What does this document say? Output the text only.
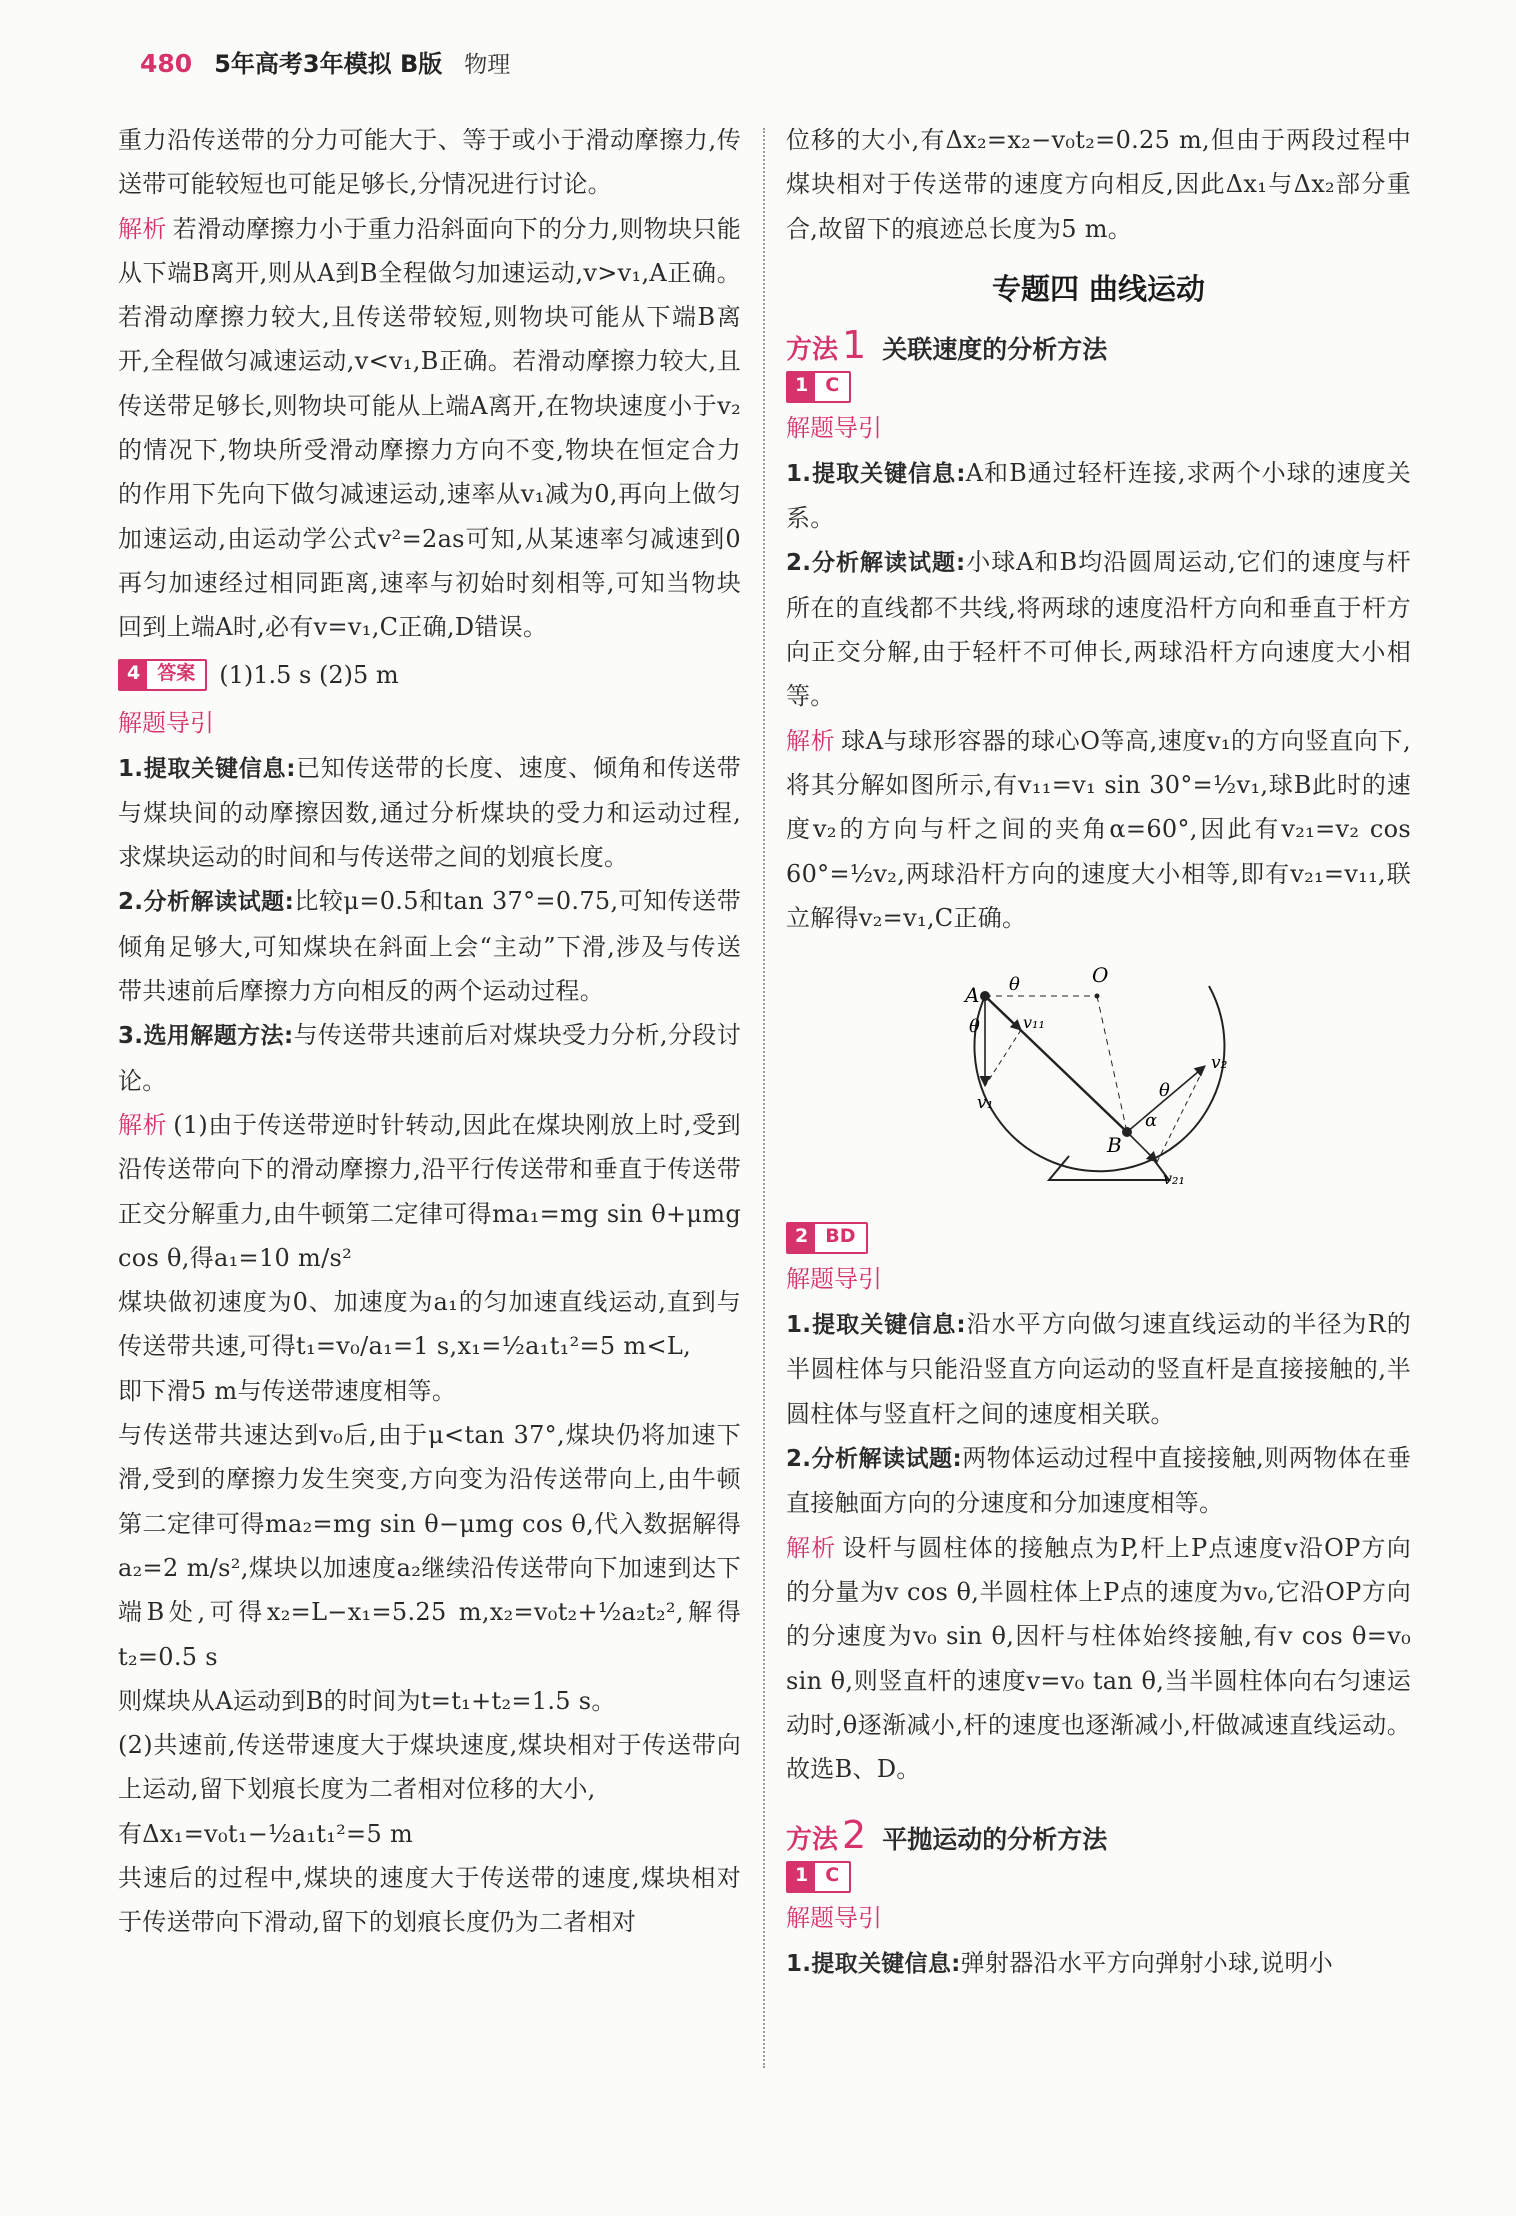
480 5年高考3年模拟 B版 物理

重力沿传送带的分力可能大于、等于或小于滑动摩擦力,传送带可能较短也可能足够长,分情况进行讨论。

解析 若滑动摩擦力小于重力沿斜面向下的分力,则物块只能从下端B离开,则从A到B全程做匀加速运动,v>v₁,A正确。若滑动摩擦力较大,且传送带较短,则物块可能从下端B离开,全程做匀减速运动,v<v₁,B正确。若滑动摩擦力较大,且传送带足够长,则物块可能从上端A离开,在物块速度小于v₂的情况下,物块所受滑动摩擦力方向不变,物块在恒定合力的作用下先向下做匀减速运动,速率从v₁减为0,再向上做匀加速运动,由运动学公式v²=2as可知,从某速率匀减速到0再匀加速经过相同距离,速率与初始时刻相等,可知当物块回到上端A时,必有v=v₁,C正确,D错误。

4 答案	(1)1.5 s (2)5 m

解题导引

1.提取关键信息:已知传送带的长度、速度、倾角和传送带与煤块间的动摩擦因数,通过分析煤块的受力和运动过程,求煤块运动的时间和与传送带之间的划痕长度。

2.分析解读试题:比较μ=0.5和tan 37°=0.75,可知传送带倾角足够大,可知煤块在斜面上会“主动”下滑,涉及与传送带共速前后摩擦力方向相反的两个运动过程。

3.选用解题方法:与传送带共速前后对煤块受力分析,分段讨论。

解析 (1)由于传送带逆时针转动,因此在煤块刚放上时,受到沿传送带向下的滑动摩擦力,沿平行传送带和垂直于传送带正交分解重力,由牛顿第二定律可得ma₁=mg sin θ+μmg cos θ,得a₁=10 m/s²

煤块做初速度为0、加速度为a₁的匀加速直线运动,直到与传送带共速,可得t₁=v₀/a₁=1 s,x₁=½a₁t₁²=5 m<L,

即下滑5 m与传送带速度相等。

与传送带共速达到v₀后,由于μ<tan 37°,煤块仍将加速下滑,受到的摩擦力发生突变,方向变为沿传送带向上,由牛顿第二定律可得ma₂=mg sin θ−μmg cos θ,代入数据解得a₂=2 m/s²,煤块以加速度a₂继续沿传送带向下加速到达下端B处,可得x₂=L−x₁=5.25 m,x₂=v₀t₂+½a₂t₂²,解得t₂=0.5 s

则煤块从A运动到B的时间为t=t₁+t₂=1.5 s。

(2)共速前,传送带速度大于煤块速度,煤块相对于传送带向上运动,留下划痕长度为二者相对位移的大小,

有Δx₁=v₀t₁−½a₁t₁²=5 m

共速后的过程中,煤块的速度大于传送带的速度,煤块相对于传送带向下滑动,留下的划痕长度仍为二者相对

位移的大小,有Δx₂=x₂−v₀t₂=0.25 m,但由于两段过程中煤块相对于传送带的速度方向相反,因此Δx₁与Δx₂部分重合,故留下的痕迹总长度为5 m。

专题四 曲线运动
方法 1 关联速度的分析方法
1 C

解题导引

1.提取关键信息:A和B通过轻杆连接,求两个小球的速度关系。

2.分析解读试题:小球A和B均沿圆周运动,它们的速度与杆所在的直线都不共线,将两球的速度沿杆方向和垂直于杆方向正交分解,由于轻杆不可伸长,两球沿杆方向速度大小相等。

解析 球A与球形容器的球心O等高,速度v₁的方向竖直向下,将其分解如图所示,有v₁₁=v₁ sin 30°=½v₁,球B此时的速度v₂的方向与杆之间的夹角α=60°,因此有v₂₁=v₂ cos 60°=½v₂,两球沿杆方向的速度大小相等,即有v₂₁=v₁₁,联立解得v₂=v₁,C正确。

O
A
B
θ
θ
θ
α
v₁
v₁₁
v₂
v₂₁
2 BD

解题导引

1.提取关键信息:沿水平方向做匀速直线运动的半径为R的半圆柱体与只能沿竖直方向运动的竖直杆是直接接触的,半圆柱体与竖直杆之间的速度相关联。

2.分析解读试题:两物体运动过程中直接接触,则两物体在垂直接触面方向的分速度和分加速度相等。

解析 设杆与圆柱体的接触点为P,杆上P点速度v沿OP方向的分量为v cos θ,半圆柱体上P点的速度为v₀,它沿OP方向的分速度为v₀ sin θ,因杆与柱体始终接触,有v cos θ=v₀ sin θ,则竖直杆的速度v=v₀ tan θ,当半圆柱体向右匀速运动时,θ逐渐减小,杆的速度也逐渐减小,杆做减速直线运动。故选B、D。

方法 2 平抛运动的分析方法
1 C

解题导引

1.提取关键信息:弹射器沿水平方向弹射小球,说明小
